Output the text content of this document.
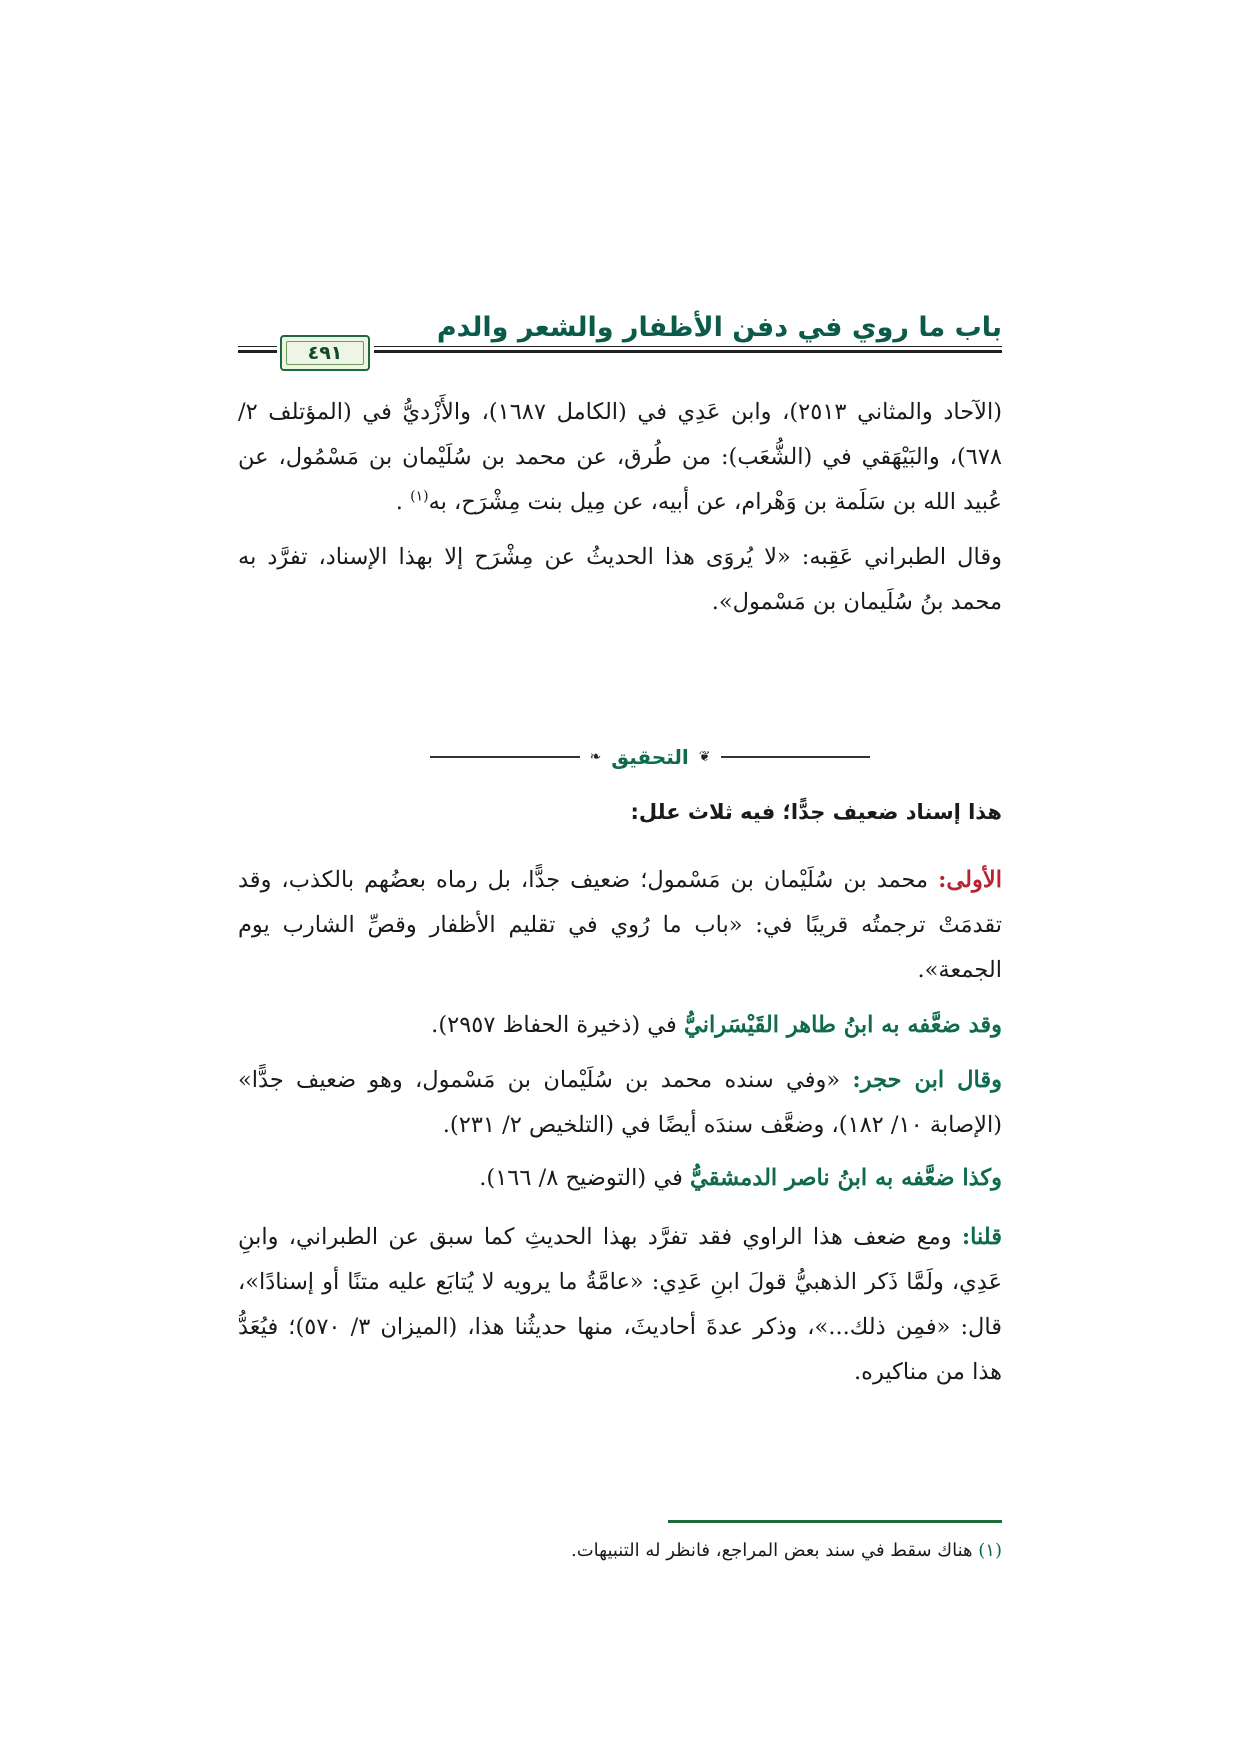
باب ما روي في دفن الأظفار والشعر والدم
٤٩١

(الآحاد والمثاني ٢٥١٣)، وابن عَدِي في (الكامل ١٦٨٧)، والأَزْديُّ في (المؤتلف ٢/ ٦٧٨)، والبَيْهَقي في (الشُّعَب): من طُرق، عن محمد بن سُلَيْمان بن مَسْمُول، عن عُبيد الله بن سَلَمة بن وَهْرام، عن أبيه، عن مِيل بنت مِشْرَح، به$^{(١)}$ .

وقال الطبراني عَقِبه: «لا يُروَى هذا الحديثُ عن مِشْرَح إلا بهذا الإسناد، تفرَّد به محمد بنُ سُلَيمان بن مَسْمول».

❦
التحقيق
❧
هذا إسناد ضعيف جدًّا؛ فيه ثلاث علل:

الأولى: محمد بن سُلَيْمان بن مَسْمول؛ ضعيف جدًّا، بل رماه بعضُهم بالكذب، وقد تقدمَتْ ترجمتُه قريبًا في: «باب ما رُوي في تقليم الأظفار وقصِّ الشارب يوم الجمعة».

وقد ضعَّفه به ابنُ طاهر القَيْسَرانيُّ في (ذخيرة الحفاظ ٢٩٥٧).

وقال ابن حجر: «وفي سنده محمد بن سُلَيْمان بن مَسْمول، وهو ضعيف جدًّا» (الإصابة ١٠/ ١٨٢)، وضعَّف سندَه أيضًا في (التلخيص ٢/ ٢٣١).

وكذا ضعَّفه به ابنُ ناصر الدمشقيُّ في (التوضيح ٨/ ١٦٦).

قلنا: ومع ضعف هذا الراوي فقد تفرَّد بهذا الحديثِ كما سبق عن الطبراني، وابنِ عَدِي، ولَمَّا ذَكر الذهبيُّ قولَ ابنِ عَدِي: «عامَّةُ ما يرويه لا يُتابَع عليه متنًا أو إسنادًا»، قال: «فمِن ذلك...»، وذكر عدةَ أحاديثَ، منها حديثُنا هذا، (الميزان ٣/ ٥٧٠)؛ فيُعَدُّ هذا من مناكيره.

(١) هناك سقط في سند بعض المراجع، فانظر له التنبيهات.
